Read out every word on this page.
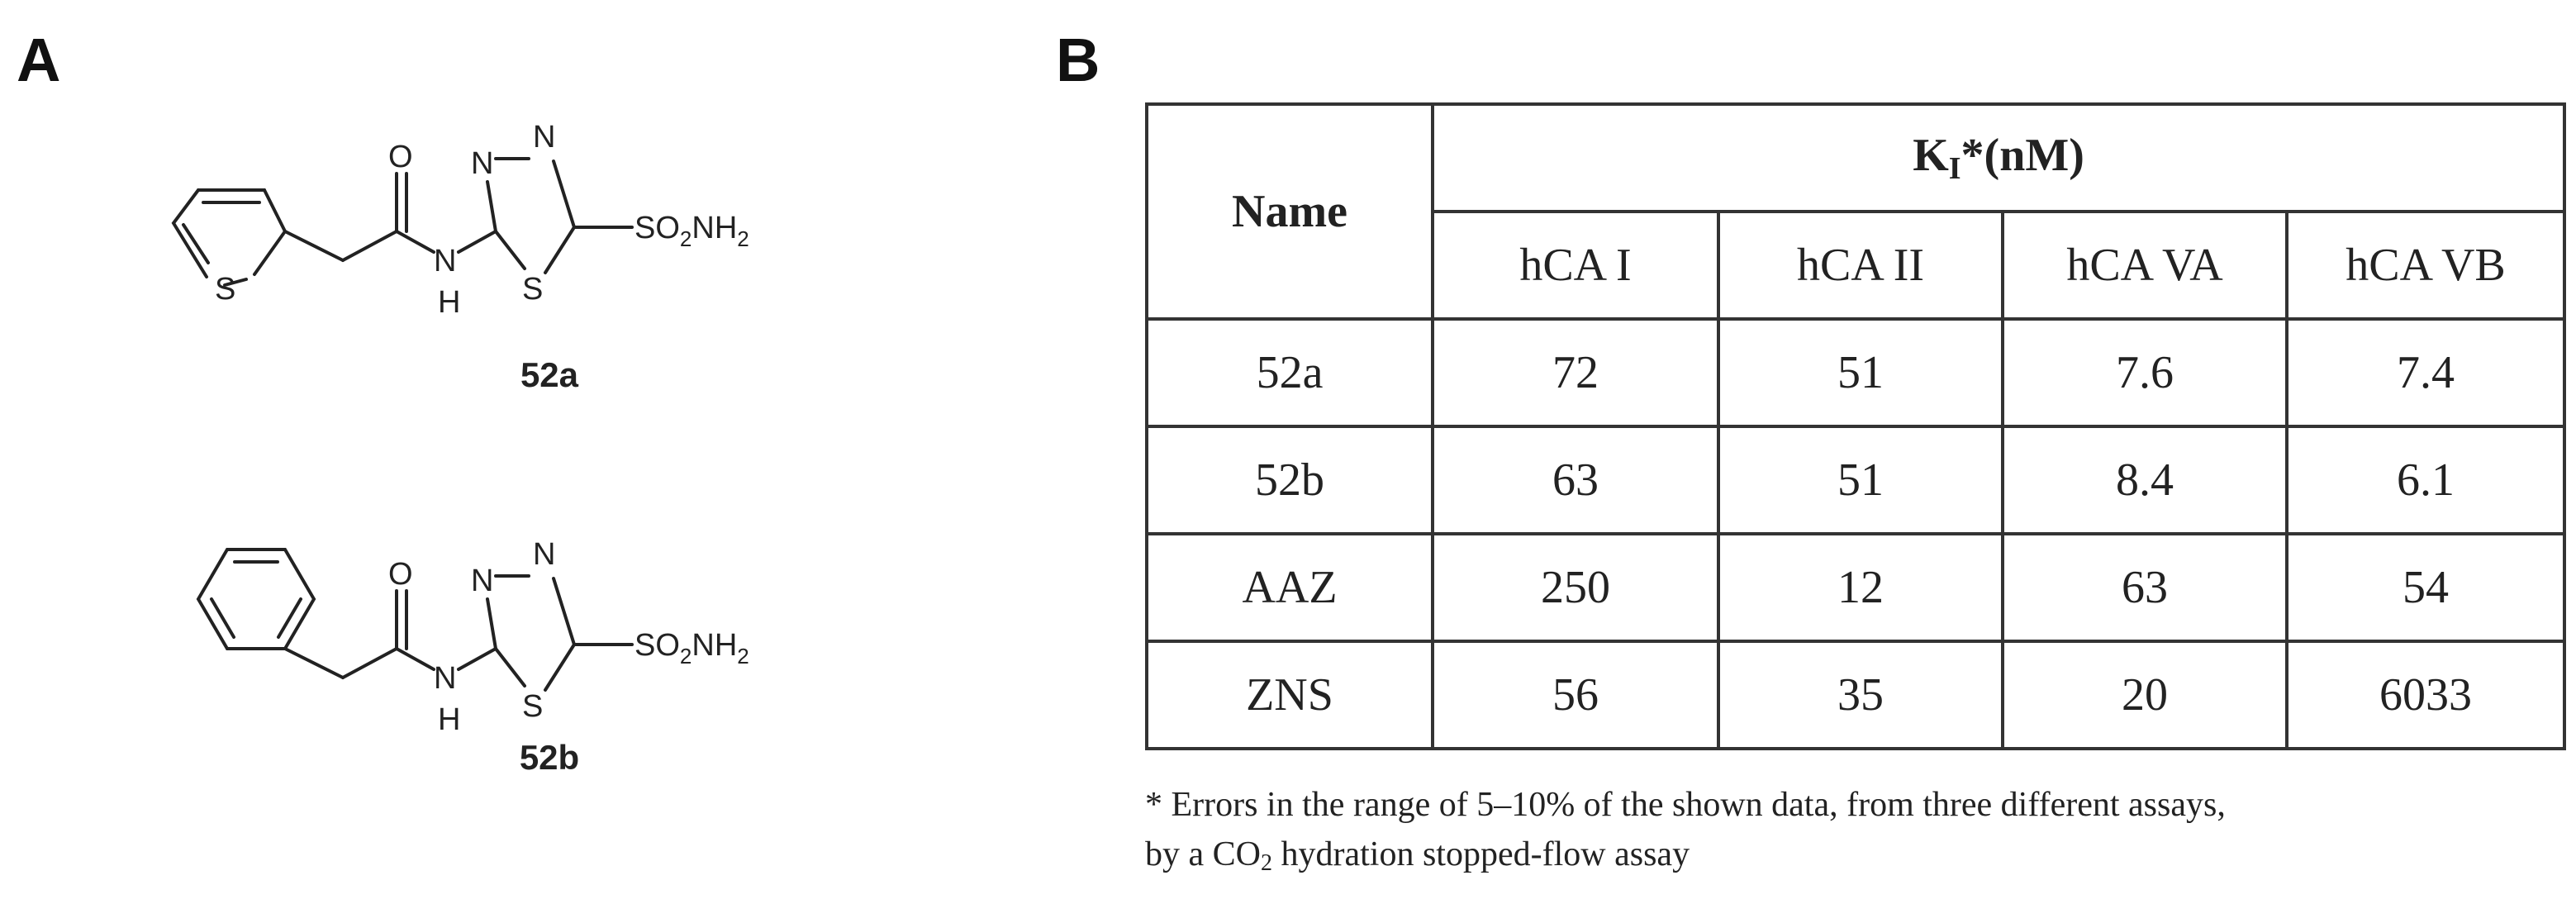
A	B
S
O
N
H
N
N
S
$SO_2NH_2$
52a
O
N
H
N
N
S
$SO_2NH_2$
52b
Name	KI*(nM)			
	hCA I	hCA II	hCA VA	hCA VB
52a	72	51	7.6	7.4
52b	63	51	8.4	6.1
AAZ	250	12	63	54
ZNS	56	35	20	6033
* Errors in the range of 5–10% of the shown data, from three different assays,
by a CO2 hydration stopped-flow assay
